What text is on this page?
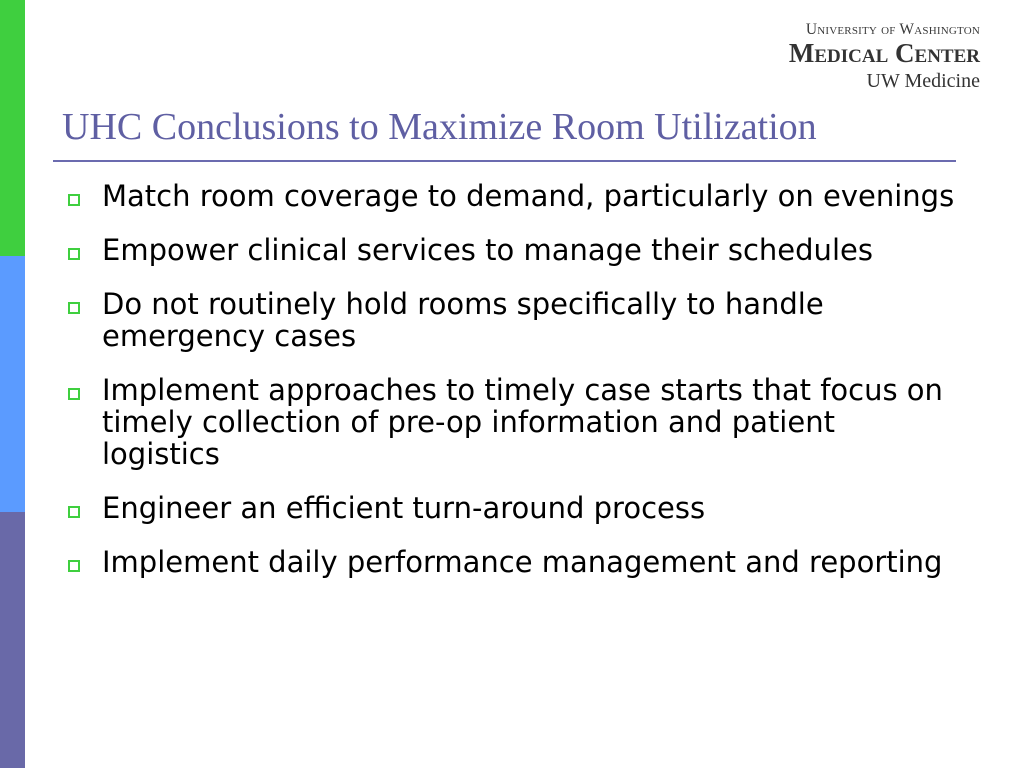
University of Washington
Medical Center
UW Medicine
UHC Conclusions to Maximize Room Utilization
Match room coverage to demand, particularly on evenings
Empower clinical services to manage their schedules
Do not routinely hold rooms specifically to handle emergency cases
Implement approaches to timely case starts that focus on timely collection of pre-op information and patient logistics
Engineer an efficient turn-around process
Implement daily performance management and reporting
